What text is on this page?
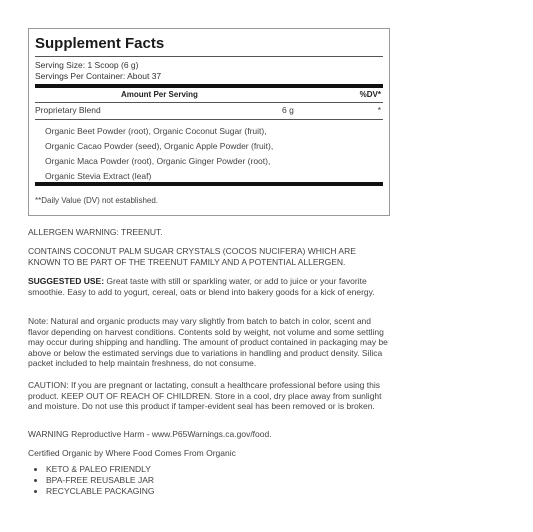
Supplement Facts
Serving Size: 1 Scoop (6 g)
Servings Per Container: About 37
Amount Per Serving	%DV*
Proprietary Blend	6 g	*
Organic Beet Powder (root), Organic Coconut Sugar (fruit), Organic Cacao Powder (seed), Organic Apple Powder (fruit), Organic Maca Powder (root), Organic Ginger Powder (root), Organic Stevia Extract (leaf)
**Daily Value (DV) not established.
ALLERGEN WARNING: TREENUT.
CONTAINS COCONUT PALM SUGAR CRYSTALS (COCOS NUCIFERA) WHICH ARE KNOWN TO BE PART OF THE TREENUT FAMILY AND A POTENTIAL ALLERGEN.

SUGGESTED USE: Great taste with still or sparkling water, or add to juice or your favorite smoothie. Easy to add to yogurt, cereal, oats or blend into bakery goods for a kick of energy.

Note: Natural and organic products may vary slightly from batch to batch in color, scent and flavor depending on harvest conditions. Contents sold by weight, not volume and some settling may occur during shipping and handling. The amount of product contained in packaging may be above or below the estimated servings due to variations in handling and product density. Silica packet included to help maintain freshness, do not consume.
CAUTION: If you are pregnant or lactating, consult a healthcare professional before using this product. KEEP OUT OF REACH OF CHILDREN. Store in a cool, dry place away from sunlight and moisture. Do not use this product if tamper-evident seal has been removed or is broken.
WARNING Reproductive Harm - www.P65Warnings.ca.gov/food.
Certified Organic by Where Food Comes From Organic
• KETO & PALEO FRIENDLY
• BPA-FREE REUSABLE JAR
• RECYCLABLE PACKAGING
